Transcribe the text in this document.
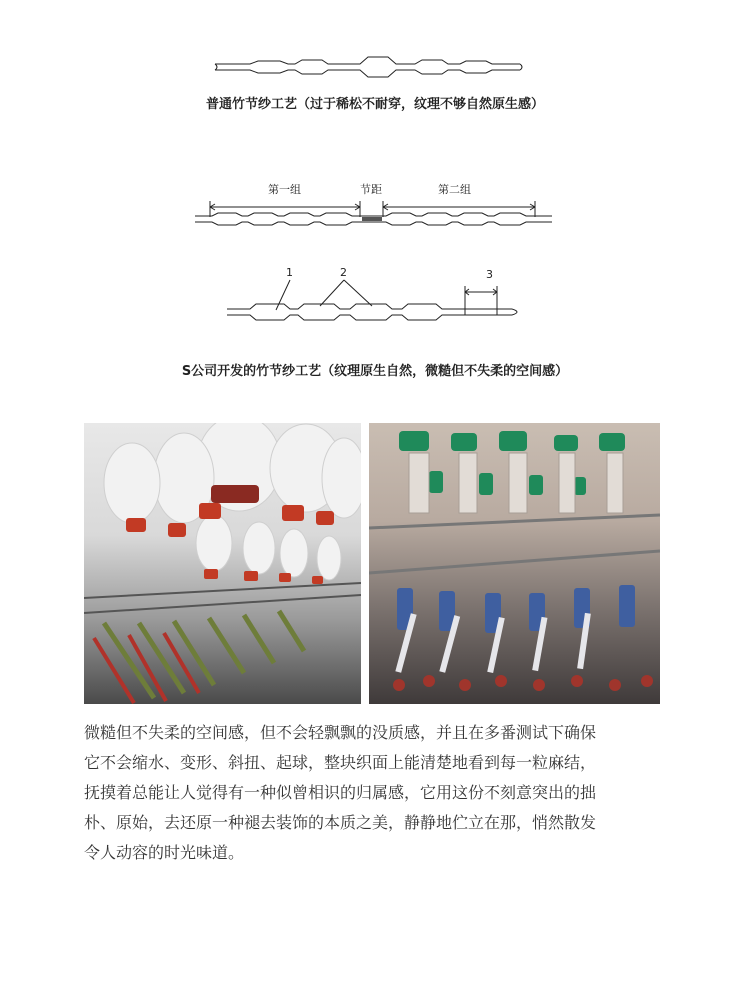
普通竹节纱工艺（过于稀松不耐穿，纹理不够自然原生感）
第一组	节距	第二组
1	2	3
S公司开发的竹节纱工艺（纹理原生自然，微糙但不失柔的空间感）

微糙但不失柔的空间感，但不会轻飘飘的没质感，并且在多番测试下确保

它不会缩水、变形、斜扭、起球，整块织面上能清楚地看到每一粒麻结，

抚摸着总能让人觉得有一种似曾相识的归属感，它用这份不刻意突出的拙

朴、原始，去还原一种褪去装饰的本质之美，静静地伫立在那，悄然散发

令人动容的时光味道。
